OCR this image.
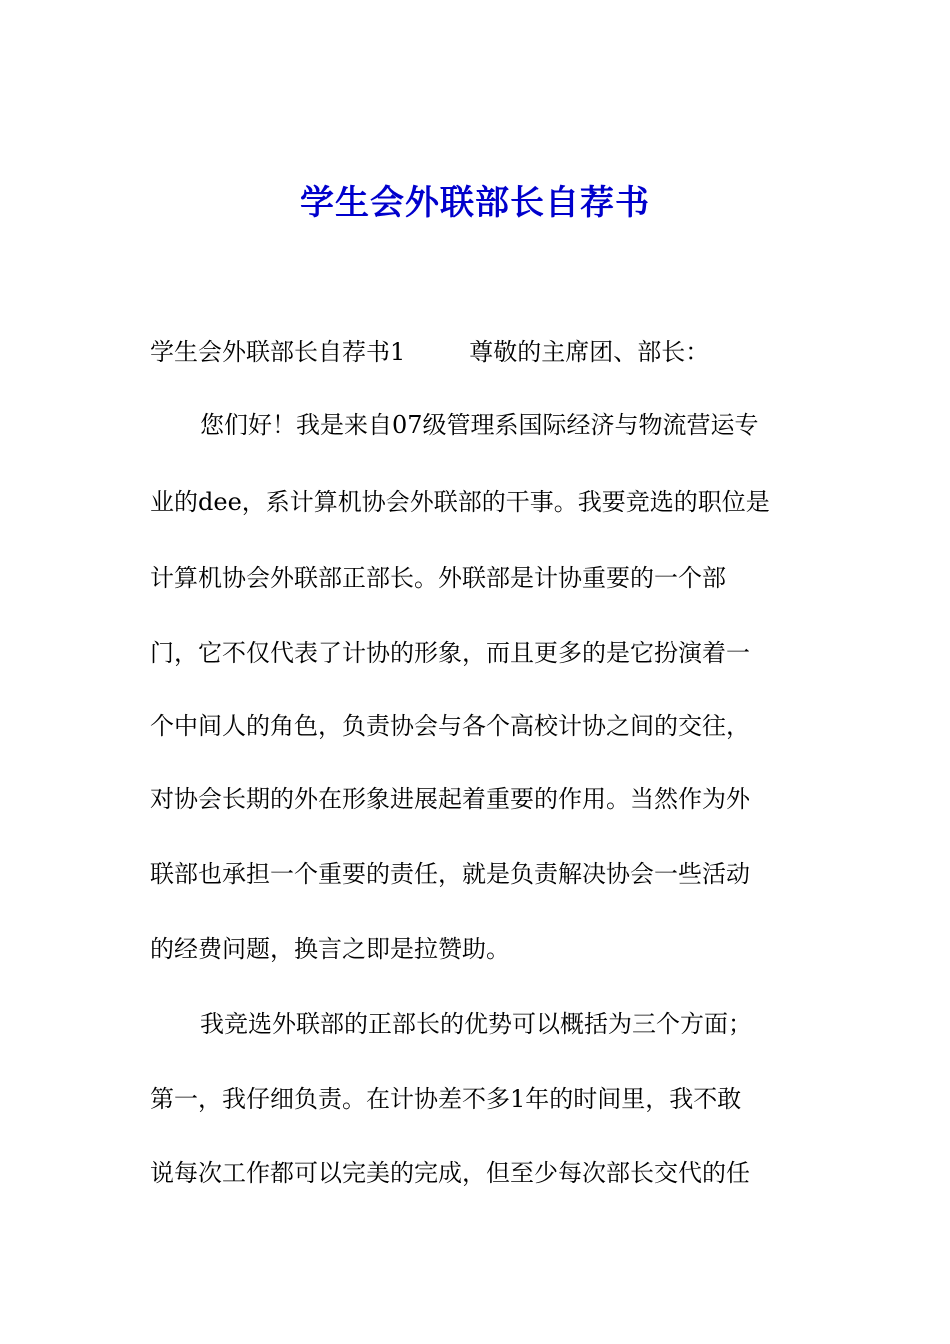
学生会外联部长自荐书
学生会外联部长自荐书1	尊敬的主席团、部长：
您们好！我是来自07级管理系国际经济与物流营运专
业的dee，系计算机协会外联部的干事。我要竞选的职位是
计算机协会外联部正部长。外联部是计协重要的一个部
门，它不仅代表了计协的形象，而且更多的是它扮演着一
个中间人的角色，负责协会与各个高校计协之间的交往，
对协会长期的外在形象进展起着重要的作用。当然作为外
联部也承担一个重要的责任，就是负责解决协会一些活动
的经费问题，换言之即是拉赞助。
我竞选外联部的正部长的优势可以概括为三个方面；
第一，我仔细负责。在计协差不多1年的时间里，我不敢
说每次工作都可以完美的完成，但至少每次部长交代的任
